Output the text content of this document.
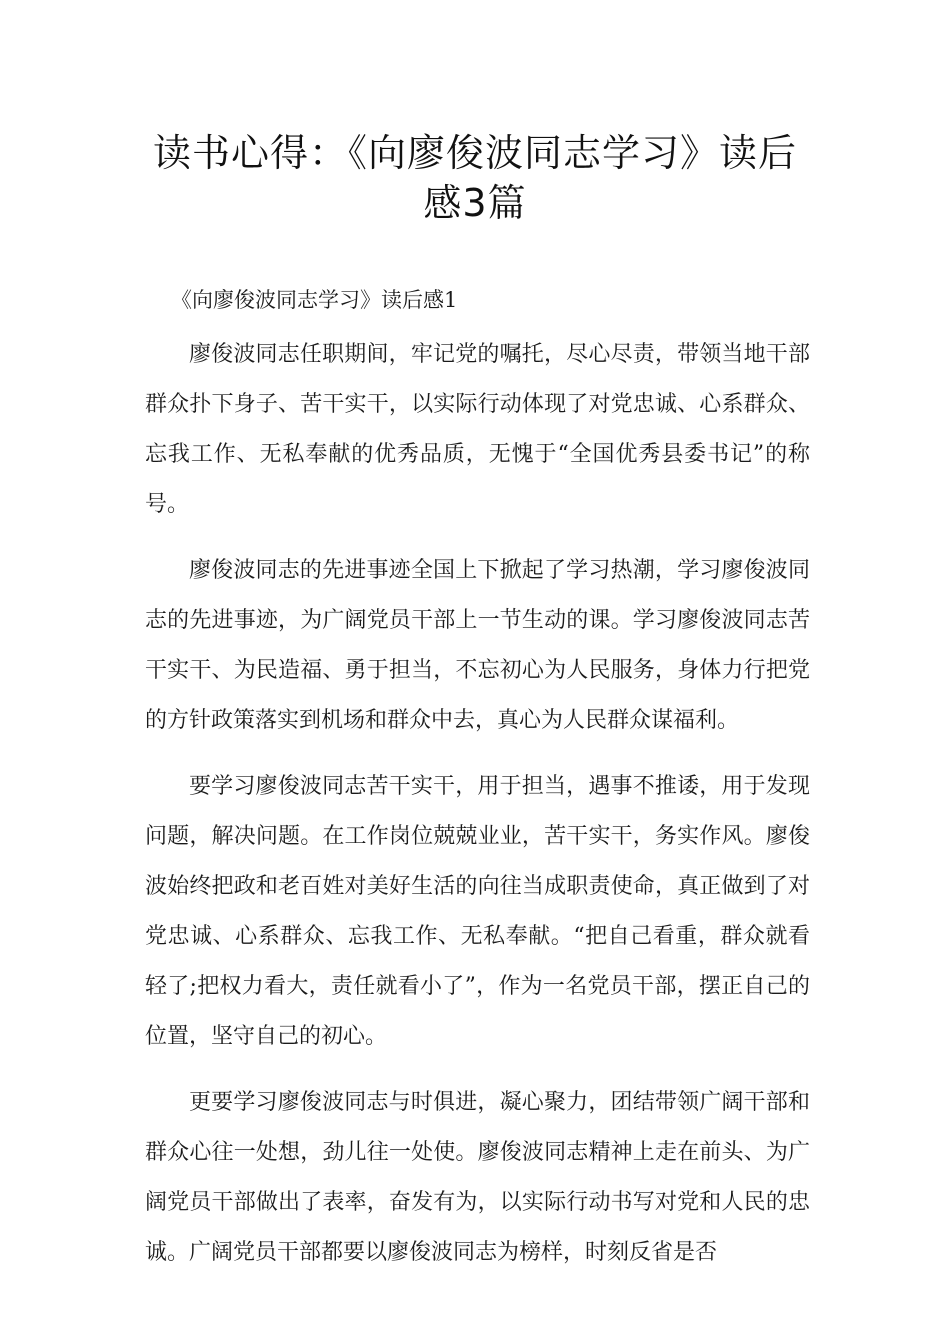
读书心得：《向廖俊波同志学习》读后
感3篇

《向廖俊波同志学习》读后感1

廖俊波同志任职期间，牢记党的嘱托，尽心尽责，带领当地干部群众扑下身子、苦干实干，以实际行动体现了对党忠诚、心系群众、忘我工作、无私奉献的优秀品质，无愧于“全国优秀县委书记”的称号。

廖俊波同志的先进事迹全国上下掀起了学习热潮，学习廖俊波同志的先进事迹，为广阔党员干部上一节生动的课。学习廖俊波同志苦干实干、为民造福、勇于担当，不忘初心为人民服务，身体力行把党的方针政策落实到机场和群众中去，真心为人民群众谋福利。

要学习廖俊波同志苦干实干，用于担当，遇事不推诿，用于发现问题，解决问题。在工作岗位兢兢业业，苦干实干，务实作风。廖俊波始终把政和老百姓对美好生活的向往当成职责使命，真正做到了对党忠诚、心系群众、忘我工作、无私奉献。“把自己看重，群众就看轻了;把权力看大，责任就看小了”，作为一名党员干部，摆正自己的位置，坚守自己的初心。

更要学习廖俊波同志与时俱进，凝心聚力，团结带领广阔干部和群众心往一处想，劲儿往一处使。廖俊波同志精神上走在前头、为广阔党员干部做出了表率，奋发有为，以实际行动书写对党和人民的忠诚。广阔党员干部都要以廖俊波同志为榜样，时刻反省是否
